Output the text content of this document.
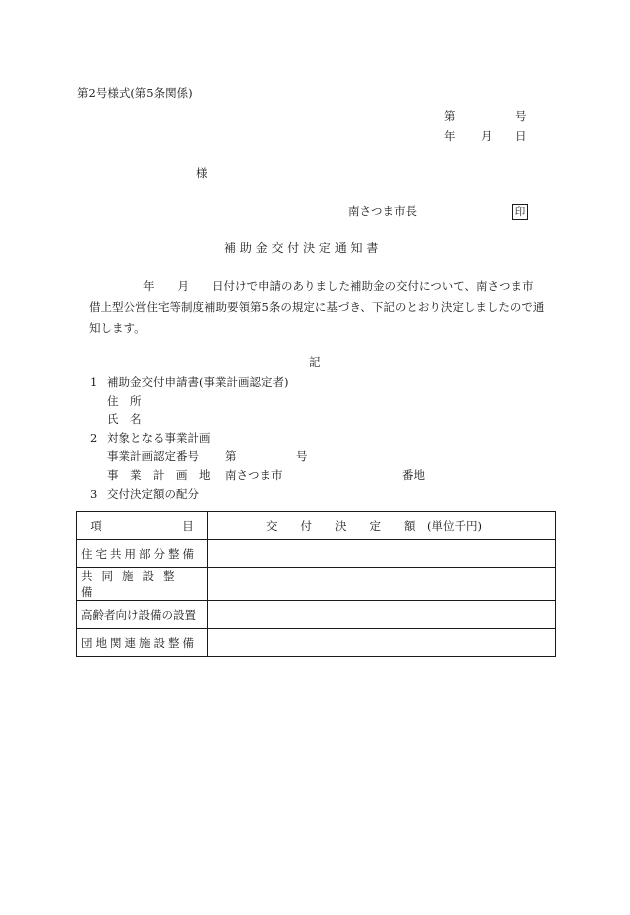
第2号様式(第5条関係)
第	号
年 月 日
様
南さつま市長	印
補 助 金 交 付 決 定 通 知 書
年　　月　　日付けで申請のありました補助金の交付について、南さつま市
借上型公営住宅等制度補助要領第5条の規定に基づき、下記のとおり決定しましたので通
知します。
記
1 補助金交付申請書(事業計画認定者)
住　所
氏　名
2 対象となる事業計画
事業計画認定番号 第	号
事　業　計　画　地 南さつま市	番地
3 交付決定額の配分
項　　　　　　　目	交　　付　　決　　定　　額　(単位千円)
住宅共用部分整備	
共同施設整備	
高齢者向け設備の設置	
団地関連施設整備	
